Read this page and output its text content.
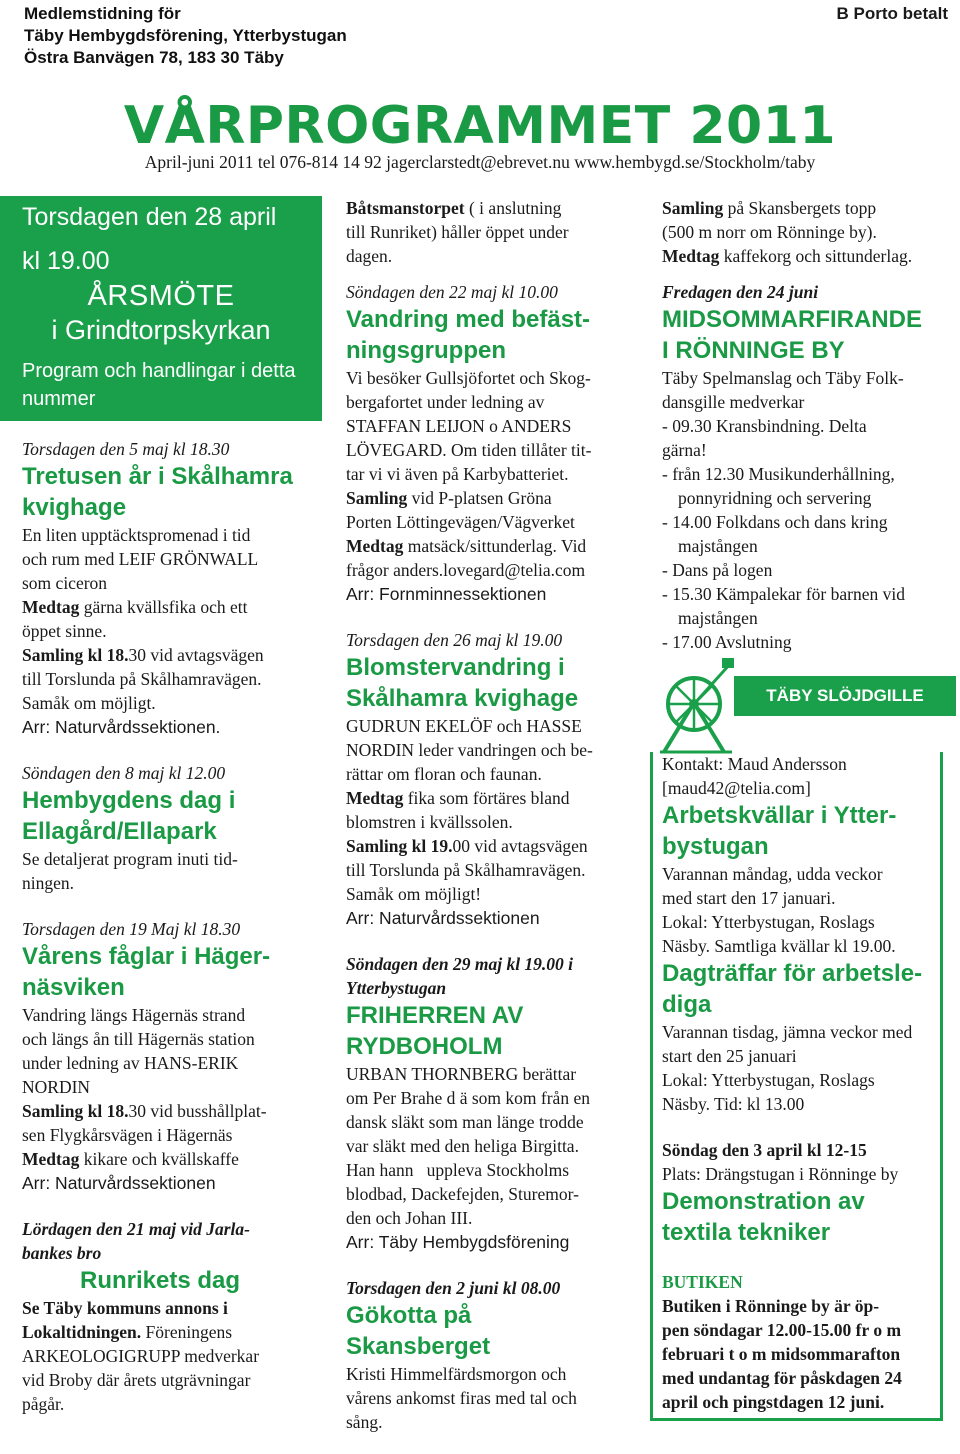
Medlemstidning för
Täby Hembygdsförening, Ytterbystugan
Östra Banvägen 78, 183 30 Täby
B Porto betalt
VÅRPROGRAMMET 2011
April-juni 2011 tel 076-814 14 92 jagerclarstedt@ebrevet.nu www.hembygd.se/Stockholm/taby
Torsdagen den 28 april
kl 19.00
ÅRSMÖTE
i Grindtorpskyrkan
Program och handlingar i detta nummer
Torsdagen den 5 maj kl 18.30
Tretusen år i Skålhamra kvighage
En liten upptäcktspromenad i tid
och rum med LEIF GRÖNWALL
som ciceron
Medtag gärna kvällsfika och ett
öppet sinne.
Samling kl 18.30 vid avtagsvägen
till Torslunda på Skålhamravägen.
Samåk om möjligt.
Arr: Naturvårdssektionen.
Söndagen den 8 maj kl 12.00
Hembygdens dag i Ellagård/Ellapark
Se detaljerat program inuti tid-
ningen.
Torsdagen den 19 Maj kl 18.30
Vårens fåglar i Häger-
näsviken
Vandring längs Hägernäs strand
och längs ån till Hägernäs station
under ledning av HANS-ERIK
NORDIN
Samling kl 18.30 vid busshållplat-
sen Flygkårsvägen i Hägernäs
Medtag kikare och kvällskaffe
Arr: Naturvårdssektionen
Lördagen den 21 maj vid Jarla-
bankes bro
Runrikets dag
Se Täby kommuns annons i
Lokaltidningen. Föreningens
ARKEOLOGIGRUPP medverkar
vid Broby där årets utgrävningar
pågår.
Båtsmanstorpet ( i anslutning
till Runriket) håller öppet under
dagen.
Söndagen den 22 maj kl 10.00
Vandring med befäst-
ningsgruppen
Vi besöker Gullsjöfortet och Skog-
bergafortet under ledning av
STAFFAN LEIJON o ANDERS
LÖVEGARD. Om tiden tillåter tit-
tar vi vi även på Karbybatteriet.
Samling vid P-platsen Gröna
Porten Löttingevägen/Vägverket
Medtag matsäck/sittunderlag. Vid
frågor anders.lovegard@telia.com
Arr: Fornminnessektionen
Torsdagen den 26 maj kl 19.00
Blomstervandring i
Skålhamra kvighage
GUDRUN EKELÖF och HASSE
NORDIN leder vandringen och be-
rättar om floran och faunan.
Medtag fika som förtäres bland
blomstren i kvällssolen.
Samling kl 19.00 vid avtagsvägen
till Torslunda på Skålhamravägen.
Samåk om möjligt!
Arr: Naturvårdssektionen
Söndagen den 29 maj kl 19.00 i
Ytterbystugan
FRIHERREN AV
RYDBOHOLM
URBAN THORNBERG berättar
om Per Brahe d ä som kom från en
dansk släkt som man länge trodde
var släkt med den heliga Birgitta.
Han hann   uppleva Stockholms
blodbad, Dackefejden, Sturemor-
den och Johan III.
Arr: Täby Hembygdsförening
Torsdagen den 2 juni kl 08.00
Gökotta på
Skansberget
Kristi Himmelfärdsmorgon och
vårens ankomst firas med tal och
sång.
Samling på Skansbergets topp
(500 m norr om Rönninge by).
Medtag kaffekorg och sittunderlag.
Fredagen den 24 juni
MIDSOMMARFIRANDE
I RÖNNINGE BY
Täby Spelmanslag och Täby Folk-
dansgille medverkar
- 09.30 Kransbindning. Delta
gärna!
- från 12.30 Musikunderhållning,
ponnyridning och servering
- 14.00 Folkdans och dans kring
majstången
- Dans på logen
- 15.30 Kämpalekar för barnen vid
majstången
- 17.00 Avslutning
TÄBY SLÖJDGILLE
Kontakt: Maud Andersson
[maud42@telia.com]
Arbetskvällar i Ytter-
bystugan
Varannan måndag, udda veckor
med start den 17 januari.
Lokal: Ytterbystugan, Roslags
Näsby. Samtliga kvällar kl 19.00.
Dagträffar för arbetsle-
diga
Varannan tisdag, jämna veckor med
start den 25 januari
Lokal: Ytterbystugan, Roslags
Näsby. Tid: kl 13.00
Söndag den 3 april kl 12-15
Plats: Drängstugan i Rönninge by
Demonstration av
textila tekniker
BUTIKEN
Butiken i Rönninge by är öp-
pen söndagar 12.00-15.00 fr o m
februari t o m midsommarafton
med undantag för påskdagen 24
april och pingstdagen 12 juni.
